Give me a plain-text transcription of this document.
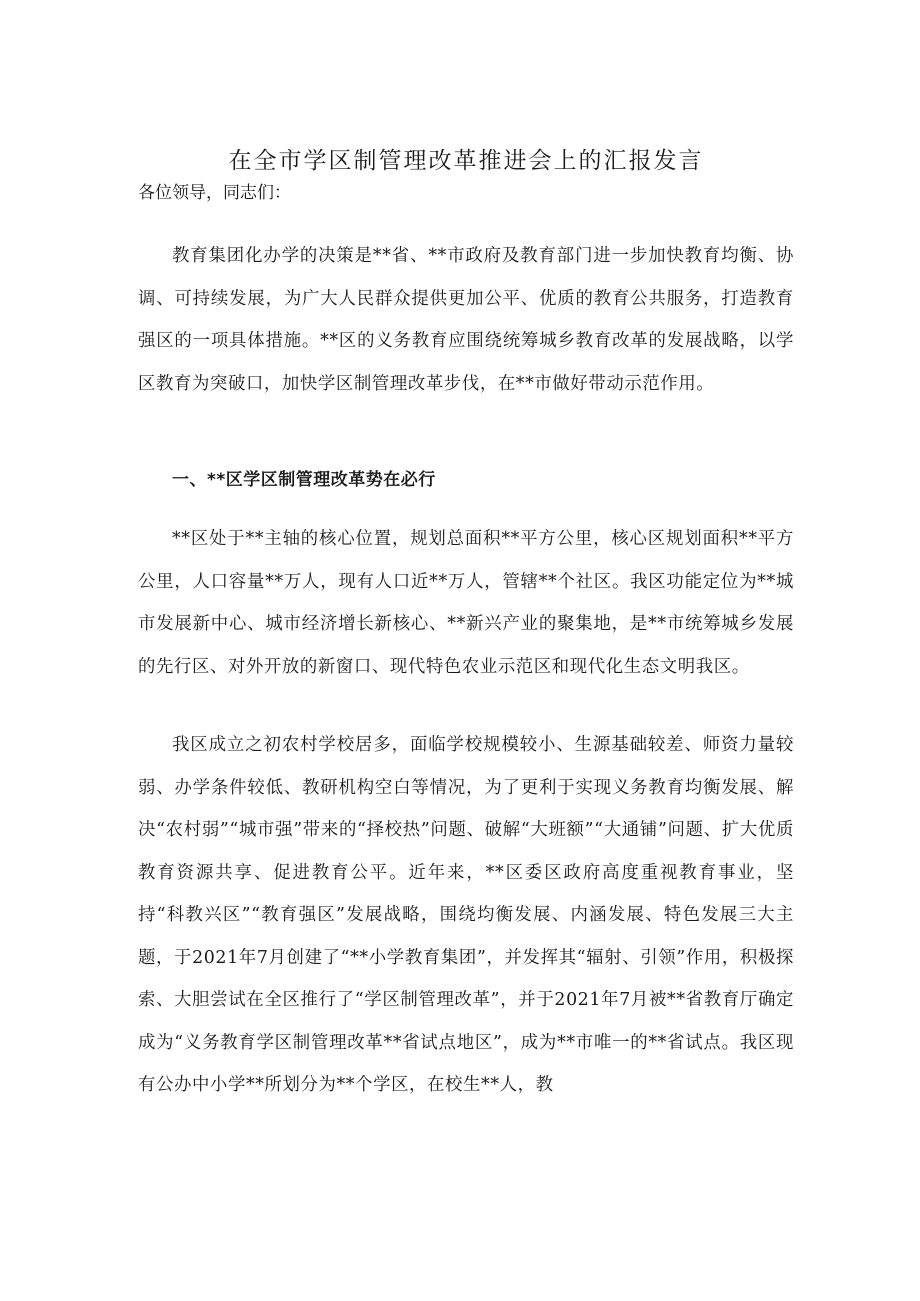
在全市学区制管理改革推进会上的汇报发言

各位领导，同志们：

教育集团化办学的决策是**省、**市政府及教育部门进一步加快教育均衡、协调、可持续发展，为广大人民群众提供更加公平、优质的教育公共服务，打造教育强区的一项具体措施。**区的义务教育应围绕统筹城乡教育改革的发展战略，以学区教育为突破口，加快学区制管理改革步伐，在**市做好带动示范作用。

一、**区学区制管理改革势在必行

**区处于**主轴的核心位置，规划总面积**平方公里，核心区规划面积**平方公里，人口容量**万人，现有人口近**万人，管辖**个社区。我区功能定位为**城市发展新中心、城市经济增长新核心、**新兴产业的聚集地，是**市统筹城乡发展的先行区、对外开放的新窗口、现代特色农业示范区和现代化生态文明我区。

我区成立之初农村学校居多，面临学校规模较小、生源基础较差、师资力量较弱、办学条件较低、教研机构空白等情况，为了更利于实现义务教育均衡发展、解决“农村弱”“城市强”带来的“择校热”问题、破解“大班额”“大通铺”问题、扩大优质教育资源共享、促进教育公平。近年来，**区委区政府高度重视教育事业，坚持“科教兴区”“教育强区”发展战略，围绕均衡发展、内涵发展、特色发展三大主题，于2021年7月创建了“**小学教育集团”，并发挥其“辐射、引领”作用，积极探索、大胆尝试在全区推行了“学区制管理改革”，并于2021年7月被**省教育厅确定成为“义务教育学区制管理改革**省试点地区”，成为**市唯一的**省试点。我区现有公办中小学**所划分为**个学区，在校生**人，教
